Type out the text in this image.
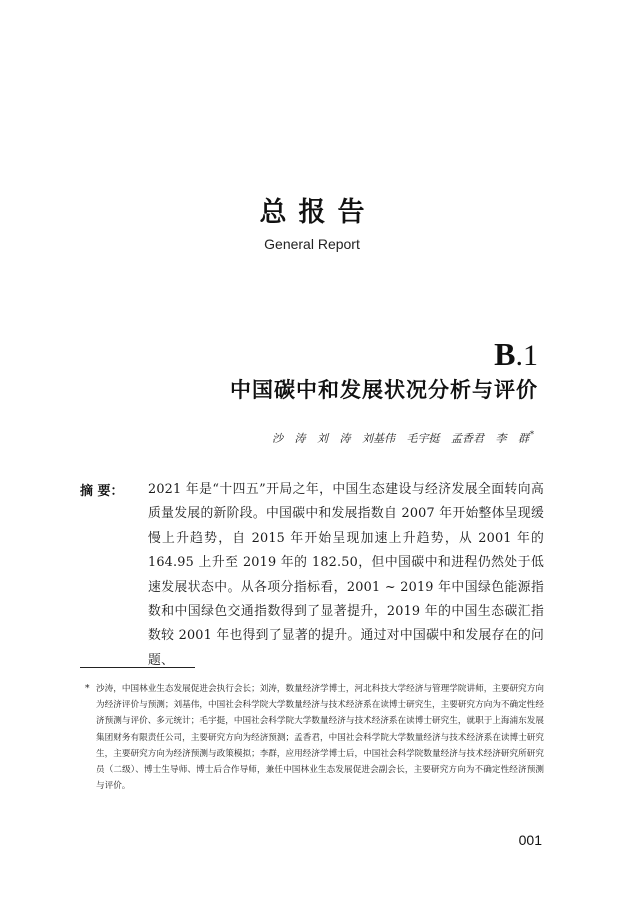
总报告
General Report
B.1
中国碳中和发展状况分析与评价
沙 涛 刘 涛 刘基伟 毛宇挺 孟香君 李 群*
摘 要： 2021 年是“十四五”开局之年，中国生态建设与经济发展全面转向高质量发展的新阶段。中国碳中和发展指数自 2007 年开始整体呈现缓慢上升趋势，自 2015 年开始呈现加速上升趋势，从 2001 年的 164.95 上升至 2019 年的 182.50，但中国碳中和进程仍然处于低速发展状态中。从各项分指标看，2001 ~ 2019 年中国绿色能源指数和中国绿色交通指数得到了显著提升，2019 年的中国生态碳汇指数较 2001 年也得到了显著的提升。通过对中国碳中和发展存在的问题、
* 沙涛，中国林业生态发展促进会执行会长；刘涛，数量经济学博士，河北科技大学经济与管理学院讲师，主要研究方向为经济评价与预测；刘基伟，中国社会科学院大学数量经济与技术经济系在读博士研究生，主要研究方向为不确定性经济预测与评价、多元统计；毛宇挺，中国社会科学院大学数量经济与技术经济系在读博士研究生，就职于上海浦东发展集团财务有限责任公司，主要研究方向为经济预测；孟香君，中国社会科学院大学数量经济与技术经济系在读博士研究生，主要研究方向为经济预测与政策模拟；李群，应用经济学博士后，中国社会科学院数量经济与技术经济研究所研究员（二级）、博士生导师、博士后合作导师，兼任中国林业生态发展促进会副会长，主要研究方向为不确定性经济预测与评价。
001
